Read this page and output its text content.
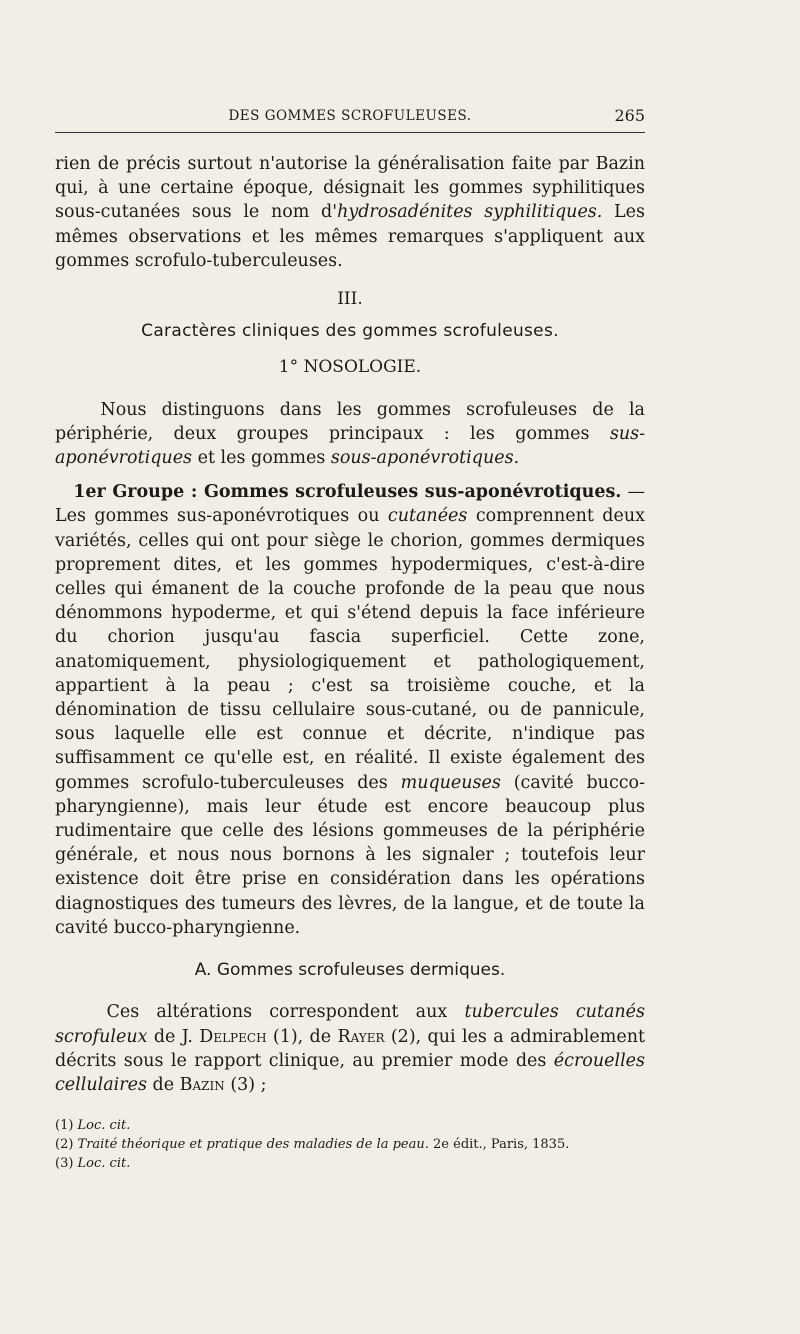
DES GOMMES SCROFULEUSES.	265

rien de précis surtout n'autorise la généralisation faite par Bazin qui, à une certaine époque, désignait les gommes syphilitiques sous-cutanées sous le nom d'hydrosadénites syphilitiques. Les mêmes observations et les mêmes remarques s'appliquent aux gommes scrofulo-tuberculeuses.

III.
Caractères cliniques des gommes scrofuleuses.
1° NOSOLOGIE.

Nous distinguons dans les gommes scrofuleuses de la périphérie, deux groupes principaux : les gommes sus-aponévrotiques et les gommes sous-aponévrotiques.

1er Groupe : Gommes scrofuleuses sus-aponévrotiques. — Les gommes sus-aponévrotiques ou cutanées comprennent deux variétés, celles qui ont pour siège le chorion, gommes dermiques proprement dites, et les gommes hypodermiques, c'est-à-dire celles qui émanent de la couche profonde de la peau que nous dénommons hypoderme, et qui s'étend depuis la face inférieure du chorion jusqu'au fascia superficiel. Cette zone, anatomiquement, physiologiquement et pathologiquement, appartient à la peau ; c'est sa troisième couche, et la dénomination de tissu cellulaire sous-cutané, ou de pannicule, sous laquelle elle est connue et décrite, n'indique pas suffisamment ce qu'elle est, en réalité. Il existe également des gommes scrofulo-tuberculeuses des muqueuses (cavité bucco-pharyngienne), mais leur étude est encore beaucoup plus rudimentaire que celle des lésions gommeuses de la périphérie générale, et nous nous bornons à les signaler ; toutefois leur existence doit être prise en considération dans les opérations diagnostiques des tumeurs des lèvres, de la langue, et de toute la cavité bucco-pharyngienne.

A. Gommes scrofuleuses dermiques.

Ces altérations correspondent aux tubercules cutanés scrofuleux de J. Delpech (1), de Rayer (2), qui les a admirablement décrits sous le rapport clinique, au premier mode des écrouelles cellulaires de Bazin (3) ;

(1) Loc. cit.
(2) Traité théorique et pratique des maladies de la peau. 2e édit., Paris, 1835.
(3) Loc. cit.
